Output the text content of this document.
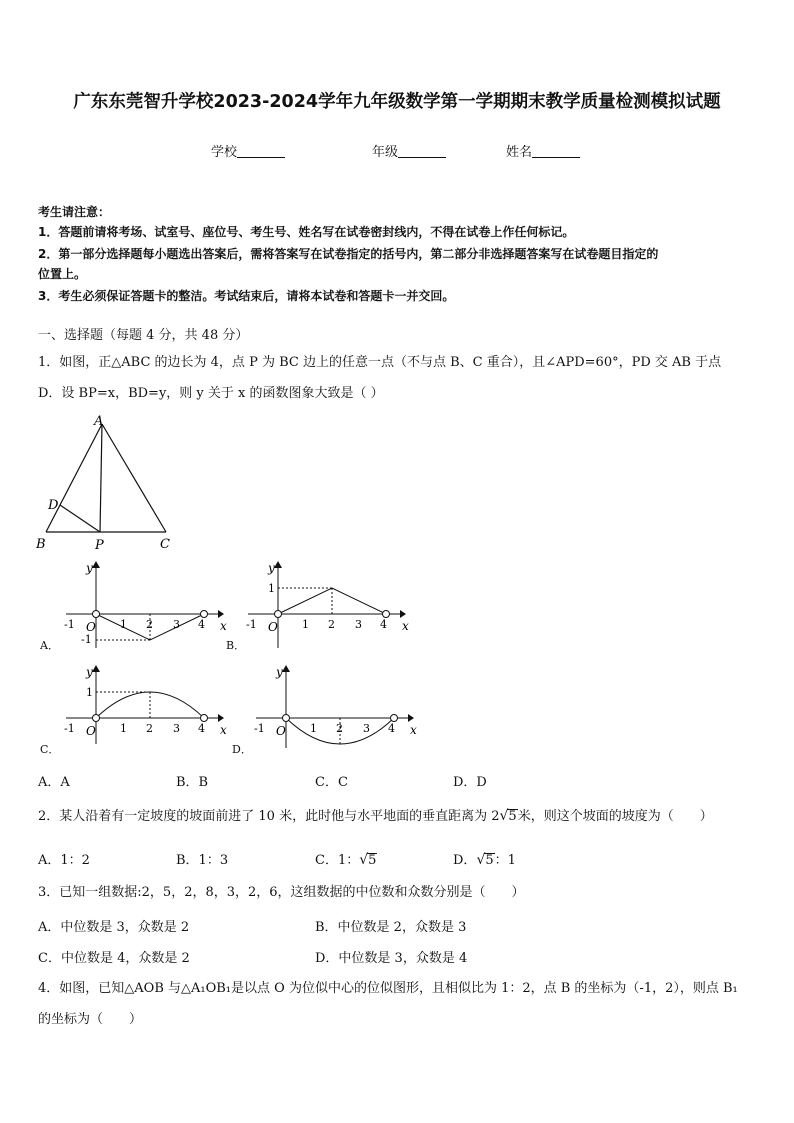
广东东莞智升学校2023-2024学年九年级数学第一学期期末教学质量检测模拟试题
学校	年级	姓名
考生请注意：
1．答题前请将考场、试室号、座位号、考生号、姓名写在试卷密封线内，不得在试卷上作任何标记。
2．第一部分选择题每小题选出答案后，需将答案写在试卷指定的括号内，第二部分非选择题答案写在试卷题目指定的
位置上。
3．考生必须保证答题卡的整洁。考试结束后，请将本试卷和答题卡一并交回。
一、选择题（每题 4 分，共 48 分）
1．如图，正△ABC 的边长为 4，点 P 为 BC 边上的任意一点（不与点 B、C 重合），且∠APD=60°，PD 交 AB 于点
D．设 BP=x，BD=y，则 y 关于 x 的函数图象大致是（ ）
A
D
B	P	C
y
x
O
-1	1 2 3 4
-1
A．
y
x
O
-1	1 2 3 4
1
B．
y
x
O
-1	1 2 3 4
1
C．
y
x
O
-1	1 2 3 4
D．
A．A	B．B	C．C	D．D
2．某人沿着有一定坡度的坡面前进了 10 米，此时他与水平地面的垂直距离为 2√5米，则这个坡面的坡度为（　　）
A．1：2	B．1：3	C．1：√5	D．√5：1
3．已知一组数据:2，5，2，8，3，2，6，这组数据的中位数和众数分别是（　　）
A．中位数是 3，众数是 2	B．中位数是 2，众数是 3
C．中位数是 4，众数是 2	D．中位数是 3，众数是 4
4．如图，已知△AOB 与△A₁OB₁是以点 O 为位似中心的位似图形，且相似比为 1：2，点 B 的坐标为（-1，2），则点 B₁
的坐标为（　　）
